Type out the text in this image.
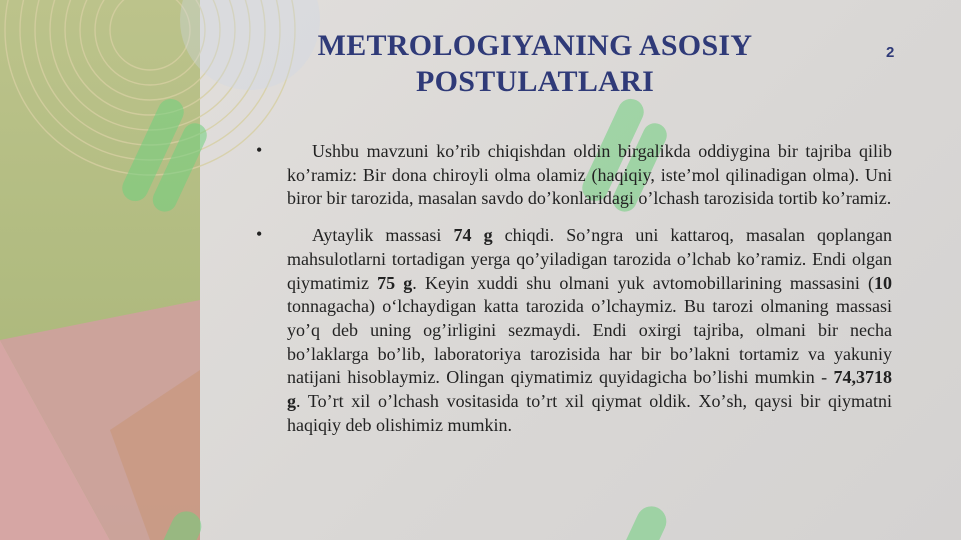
METROLOGIYANING ASOSIY
POSTULATLARI
2
•	Ushbu mavzuni koʼrib chiqishdan oldin birgalikda oddiygina bir tajriba qilib koʼramiz: Bir dona chiroyli olma olamiz (haqiqiy, isteʼmol qilinadigan olma). Uni biror bir tarozida, masalan savdo doʼkonlaridagi oʼlchash tarozisida tortib koʼramiz.

•	Aytaylik massasi 74 g chiqdi. Soʼngra uni kattaroq, masalan qoplangan mahsulotlarni tortadigan yerga qoʼyiladigan tarozida oʼlchab koʼramiz. Endi olgan qiymatimiz 75 g. Keyin xuddi shu olmani yuk avtomobillarining massasini (10 tonnagacha) oʻlchaydigan katta tarozida oʼlchaymiz. Bu tarozi olmaning massasi yoʼq deb uning ogʼirligini sezmaydi. Endi oxirgi tajriba, olmani bir necha boʼlaklarga boʼlib, laboratoriya tarozisida har bir boʼlakni tortamiz va yakuniy natijani hisoblaymiz. Olingan qiymatimiz quyidagicha boʼlishi mumkin - 74,3718 g. Toʼrt xil oʼlchash vositasida toʼrt xil qiymat oldik. Xoʼsh, qaysi bir qiymatni haqiqiy deb olishimiz mumkin.
